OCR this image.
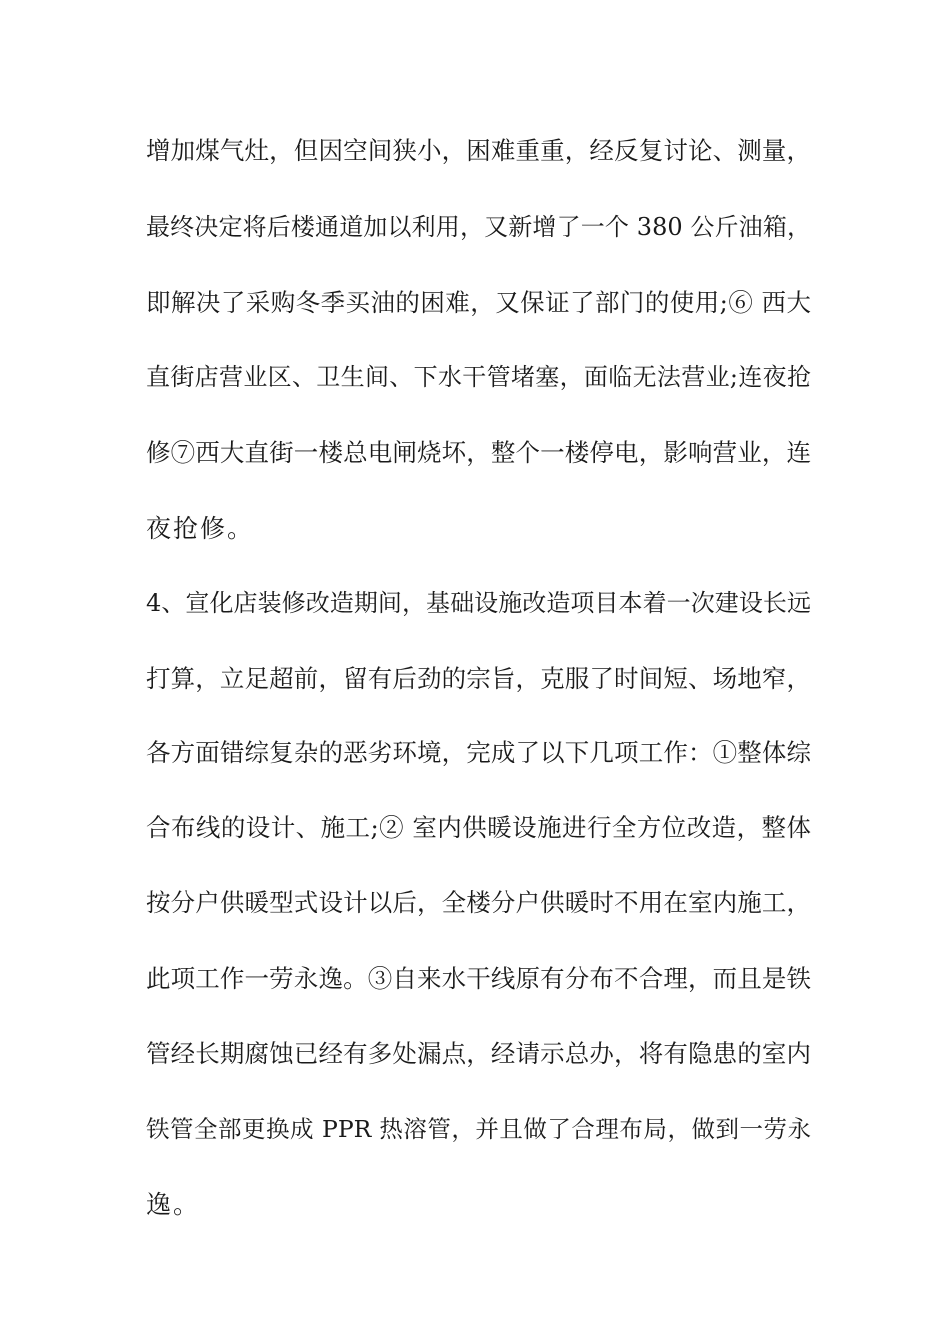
增加煤气灶，但因空间狭小，困难重重，经反复讨论、测量，
最终决定将后楼通道加以利用，又新增了一个 380 公斤油箱，
即解决了采购冬季买油的困难，又保证了部门的使用;⑥ 西大
直街店营业区、卫生间、下水干管堵塞，面临无法营业;连夜抢
修⑦西大直街一楼总电闸烧坏，整个一楼停电，影响营业，连
夜抢修。
4、宣化店装修改造期间，基础设施改造项目本着一次建设长远
打算，立足超前，留有后劲的宗旨，克服了时间短、场地窄，
各方面错综复杂的恶劣环境，完成了以下几项工作：①整体综
合布线的设计、施工;② 室内供暖设施进行全方位改造，整体
按分户供暖型式设计以后，全楼分户供暖时不用在室内施工，
此项工作一劳永逸。③自来水干线原有分布不合理，而且是铁
管经长期腐蚀已经有多处漏点，经请示总办，将有隐患的室内
铁管全部更换成 PPR 热溶管，并且做了合理布局，做到一劳永
逸。
